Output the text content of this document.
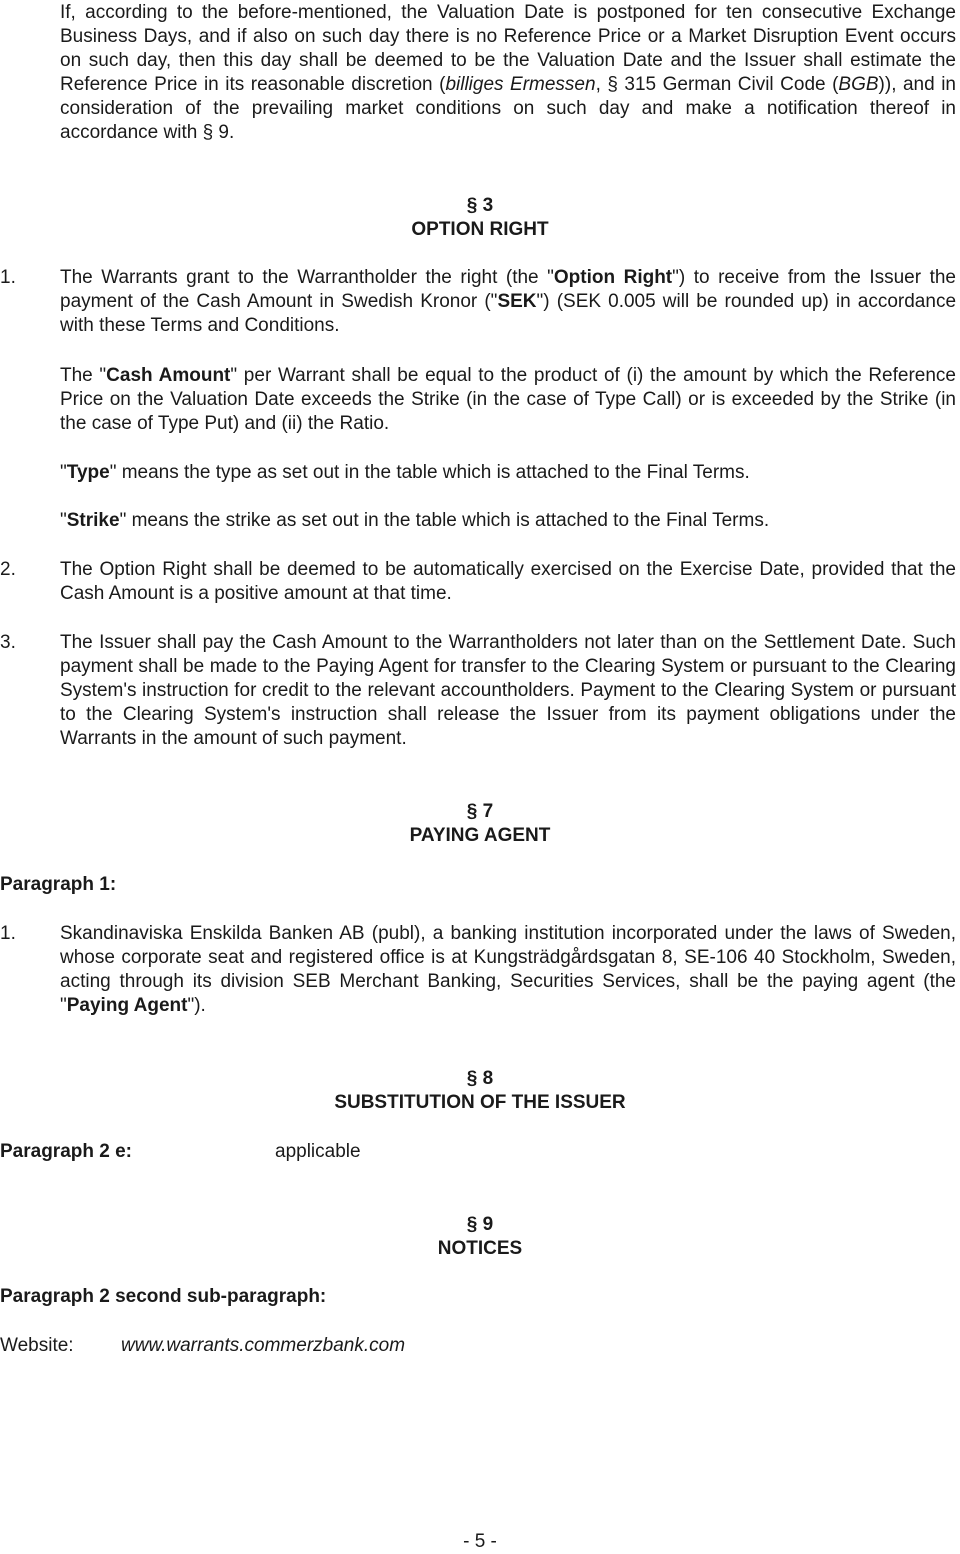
If, according to the before-mentioned, the Valuation Date is postponed for ten consecutive Exchange Business Days, and if also on such day there is no Reference Price or a Market Disruption Event occurs on such day, then this day shall be deemed to be the Valuation Date and the Issuer shall estimate the Reference Price in its reasonable discretion (billiges Ermessen, § 315 German Civil Code (BGB)), and in consideration of the prevailing market conditions on such day and make a notification thereof in accordance with § 9.
§ 3
OPTION RIGHT
1.	The Warrants grant to the Warrantholder the right (the "Option Right") to receive from the Issuer the payment of the Cash Amount in Swedish Kronor ("SEK") (SEK 0.005 will be rounded up) in accordance with these Terms and Conditions.
The "Cash Amount" per Warrant shall be equal to the product of (i) the amount by which the Reference Price on the Valuation Date exceeds the Strike (in the case of Type Call) or is exceeded by the Strike (in the case of Type Put) and (ii) the Ratio.
"Type" means the type as set out in the table which is attached to the Final Terms.
"Strike" means the strike as set out in the table which is attached to the Final Terms.
2.	The Option Right shall be deemed to be automatically exercised on the Exercise Date, provided that the Cash Amount is a positive amount at that time.
3.	The Issuer shall pay the Cash Amount to the Warrantholders not later than on the Settlement Date. Such payment shall be made to the Paying Agent for transfer to the Clearing System or pursuant to the Clearing System's instruction for credit to the relevant accountholders. Payment to the Clearing System or pursuant to the Clearing System's instruction shall release the Issuer from its payment obligations under the Warrants in the amount of such payment.
§ 7
PAYING AGENT
Paragraph 1:
1.	Skandinaviska Enskilda Banken AB (publ), a banking institution incorporated under the laws of Sweden, whose corporate seat and registered office is at Kungsträdgårdsgatan 8, SE-106 40 Stockholm, Sweden, acting through its division SEB Merchant Banking, Securities Services, shall be the paying agent (the "Paying Agent").
§ 8
SUBSTITUTION OF THE ISSUER
Paragraph 2 e:	applicable
§ 9
NOTICES
Paragraph 2 second sub-paragraph:
Website: www.warrants.commerzbank.com
- 5 -
